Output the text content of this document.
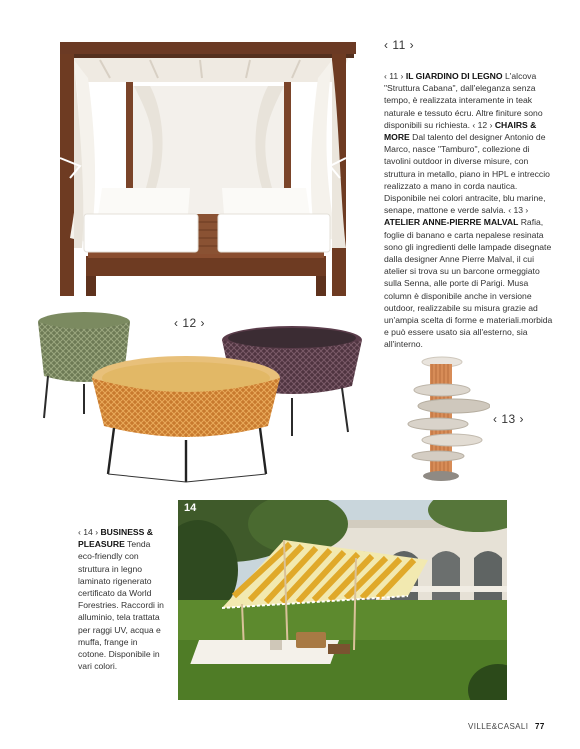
‹ 11 ›
‹ 11 › IL GIARDINO DI LEGNO L'alcova "Struttura Cabana", dall'eleganza senza tempo, è realizzata interamente in teak naturale e tessuto écru. Altre finiture sono disponibili su richiesta. ‹ 12 › CHAIRS & MORE Dal talento del designer Antonio de Marco, nasce "Tamburo", collezione di tavolini outdoor in diverse misure, con struttura in metallo, piano in HPL e intreccio realizzato a mano in corda nautica. Disponibile nei colori antracite, blu marine, senape, mattone e verde salvia. ‹ 13 › ATELIER ANNE-PIERRE MALVAL Rafia, foglie di banano e carta nepalese resinata sono gli ingredienti delle lampade disegnate dalla designer Anne Pierre Malval, il cui atelier si trova su un barcone ormeggiato sulla Senna, alle porte di Parigi. Musa column è disponibile anche in versione outdoor, realizzabile su misura grazie ad un'ampia scelta di forme e materiali.morbida e può essere usato sia all'esterno, sia all'interno.
‹ 12 ›
‹ 13 ›
14
‹ 14 › BUSINESS & PLEASURE Tenda eco-friendly con struttura in legno laminato rigenerato certificato da World Forestries. Raccordi in alluminio, tela trattata per raggi UV, acqua e muffa, frange in cotone. Disponibile in vari colori.
VILLE&CASALI 77
